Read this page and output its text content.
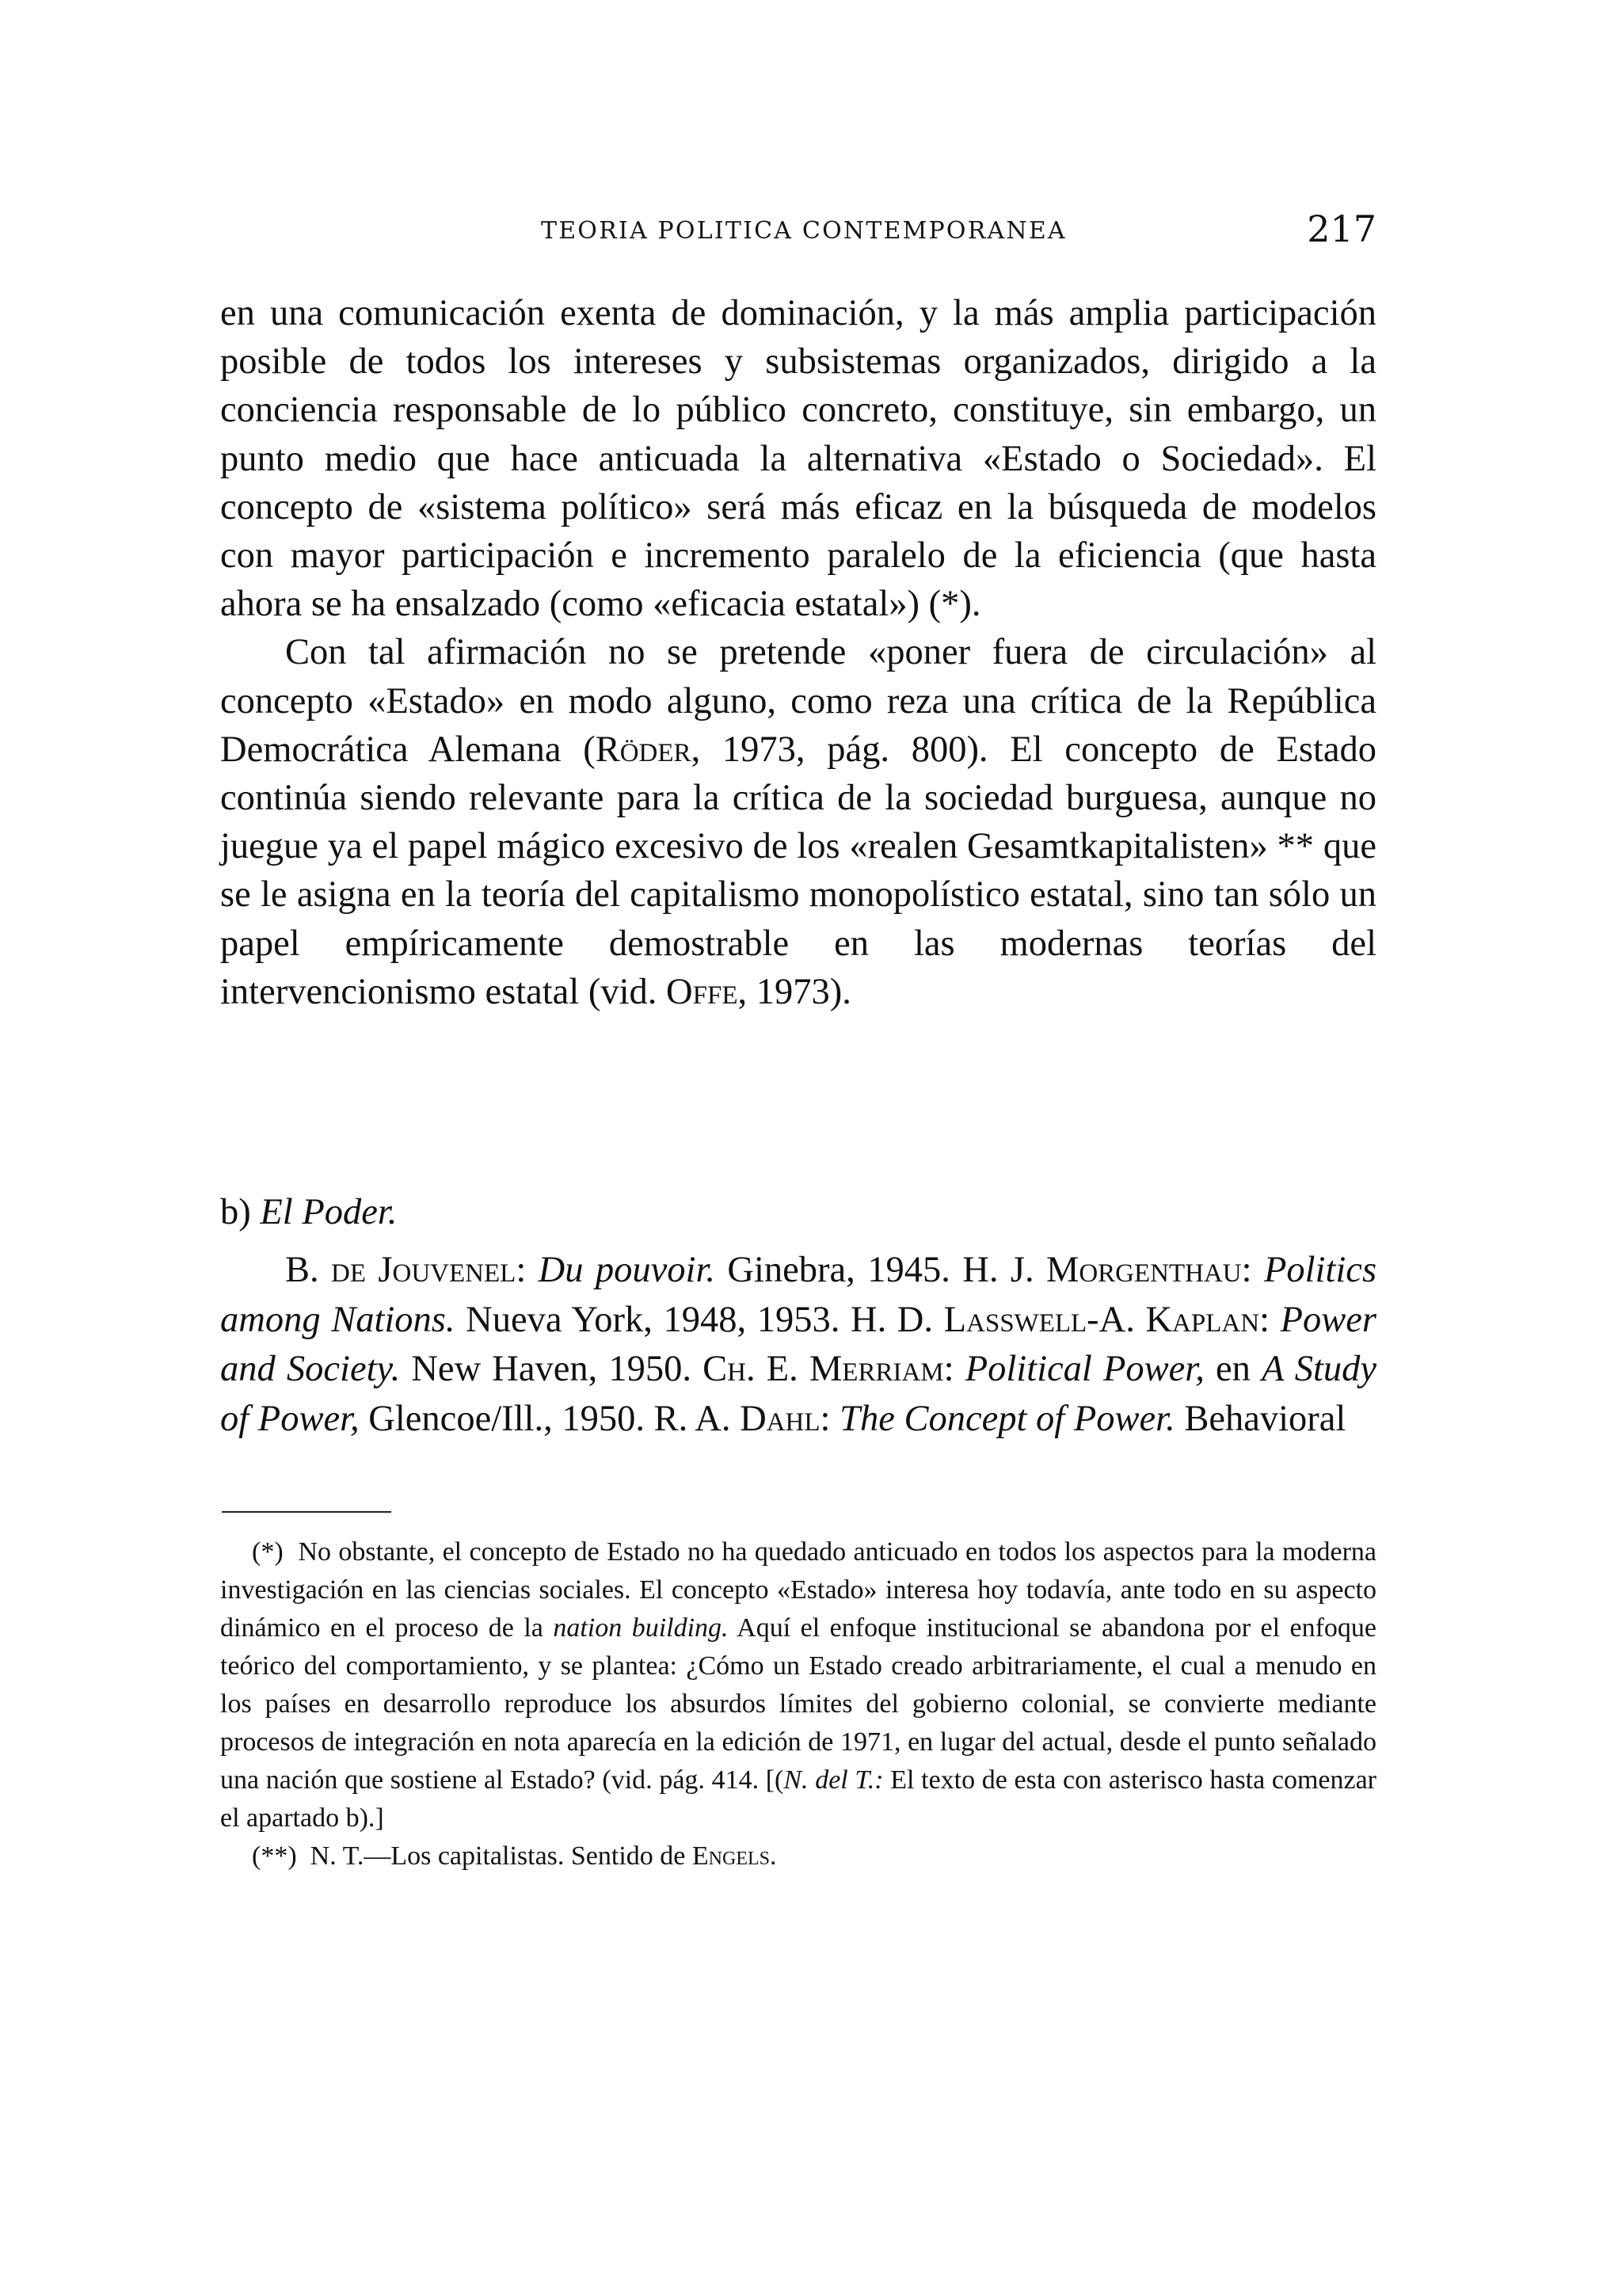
TEORIA POLITICA CONTEMPORANEA	217

en una comunicación exenta de dominación, y la más amplia participación posible de todos los intereses y subsistemas organizados, dirigido a la conciencia responsable de lo público concreto, constituye, sin embargo, un punto medio que hace anticuada la alternativa «Estado o Sociedad». El concepto de «sistema político» será más eficaz en la búsqueda de modelos con mayor participación e incremento paralelo de la eficiencia (que hasta ahora se ha ensalzado (como «eficacia estatal») (*).

Con tal afirmación no se pretende «poner fuera de circulación» al concepto «Estado» en modo alguno, como reza una crítica de la República Democrática Alemana (Röder, 1973, pág. 800). El concepto de Estado continúa siendo relevante para la crítica de la sociedad burguesa, aunque no juegue ya el papel mágico excesivo de los «realen Gesamtkapitalisten» ** que se le asigna en la teoría del capitalismo monopolístico estatal, sino tan sólo un papel empíricamente demostrable en las modernas teorías del intervencionismo estatal (vid. Offe, 1973).

b) El Poder.
B. de Jouvenel: Du pouvoir. Ginebra, 1945. H. J. Morgenthau: Politics among Nations. Nueva York, 1948, 1953. H. D. Lasswell-A. Kaplan: Power and Society. New Haven, 1950. Ch. E. Merriam: Political Power, en A Study of Power, Glencoe/Ill., 1950. R. A. Dahl: The Concept of Power. Behavioral

(*) No obstante, el concepto de Estado no ha quedado anticuado en todos los aspectos para la moderna investigación en las ciencias sociales. El concepto «Estado» interesa hoy todavía, ante todo en su aspecto dinámico en el proceso de la nation building. Aquí el enfoque institucional se abandona por el enfoque teórico del comportamiento, y se plantea: ¿Cómo un Estado creado arbitrariamente, el cual a menudo en los países en desarrollo reproduce los absurdos límites del gobierno colonial, se convierte mediante procesos de integración en nota aparecía en la edición de 1971, en lugar del actual, desde el punto señalado una nación que sostiene al Estado? (vid. pág. 414. [(N. del T.: El texto de esta con asterisco hasta comenzar el apartado b).]

(**) N. T.—Los capitalistas. Sentido de Engels.
